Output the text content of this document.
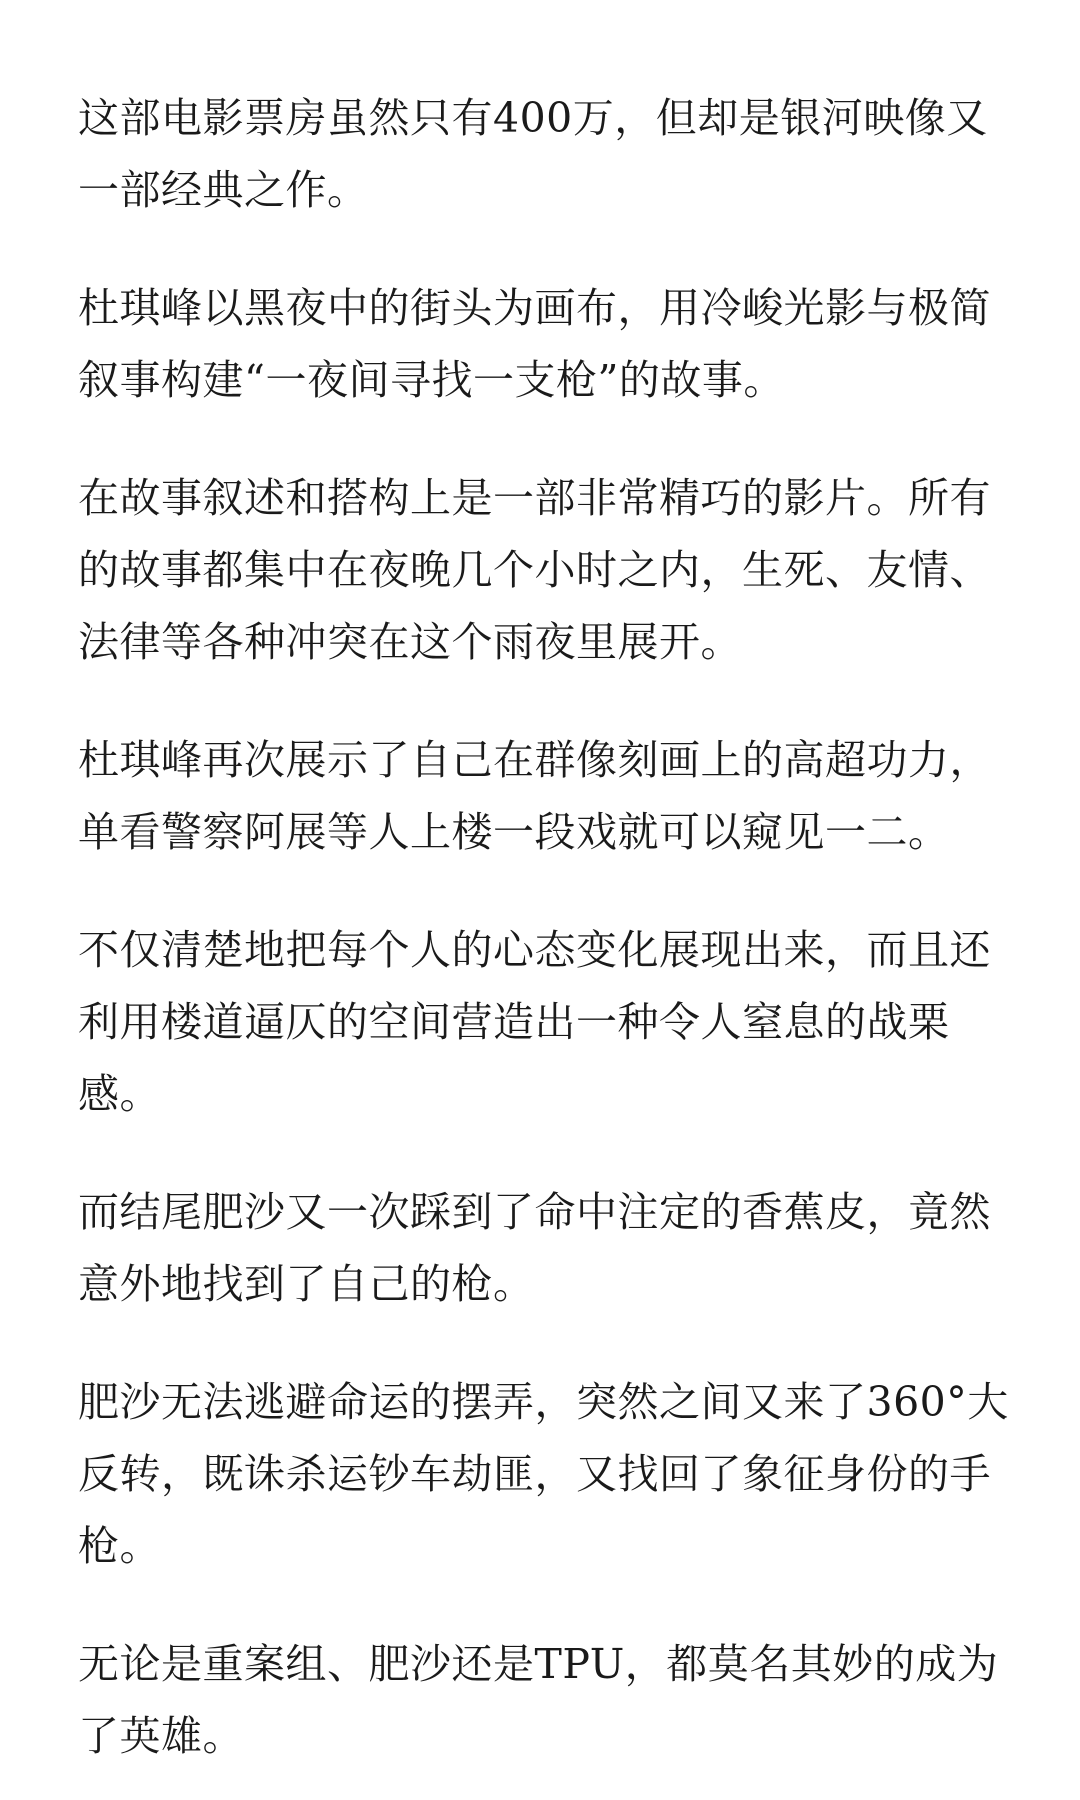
这部电影票房虽然只有400万，但却是银河映像又一部经典之作。

杜琪峰以黑夜中的街头为画布，用冷峻光影与极简叙事构建“一夜间寻找一支枪”的故事。

在故事叙述和搭构上是一部非常精巧的影片。所有的故事都集中在夜晚几个小时之内，生死、友情、法律等各种冲突在这个雨夜里展开。

杜琪峰再次展示了自己在群像刻画上的高超功力，单看警察阿展等人上楼一段戏就可以窥见一二。

不仅清楚地把每个人的心态变化展现出来，而且还利用楼道逼仄的空间营造出一种令人窒息的战栗感。

而结尾肥沙又一次踩到了命中注定的香蕉皮，竟然意外地找到了自己的枪。

肥沙无法逃避命运的摆弄，突然之间又来了360°大反转，既诛杀运钞车劫匪，又找回了象征身份的手枪。

无论是重案组、肥沙还是TPU，都莫名其妙的成为了英雄。
